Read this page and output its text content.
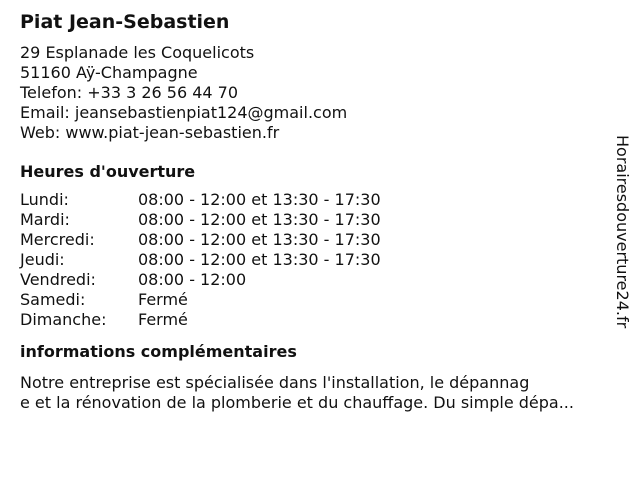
Piat Jean-Sebastien
29 Esplanade les Coquelicots
51160 Aÿ-Champagne
Telefon: +33 3 26 56 44 70
Email: jeansebastienpiat124@gmail.com
Web: www.piat-jean-sebastien.fr
Heures d'ouverture
Lundi:	08:00 - 12:00 et 13:30 - 17:30
Mardi:	08:00 - 12:00 et 13:30 - 17:30
Mercredi:	08:00 - 12:00 et 13:30 - 17:30
Jeudi:	08:00 - 12:00 et 13:30 - 17:30
Vendredi:	08:00 - 12:00
Samedi:	Fermé
Dimanche:	Fermé
informations complémentaires
Notre entreprise est spécialisée dans l'installation, le dépannag
e et la rénovation de la plomberie et du chauffage. Du simple dépa...
Horairesdouverture24.fr
